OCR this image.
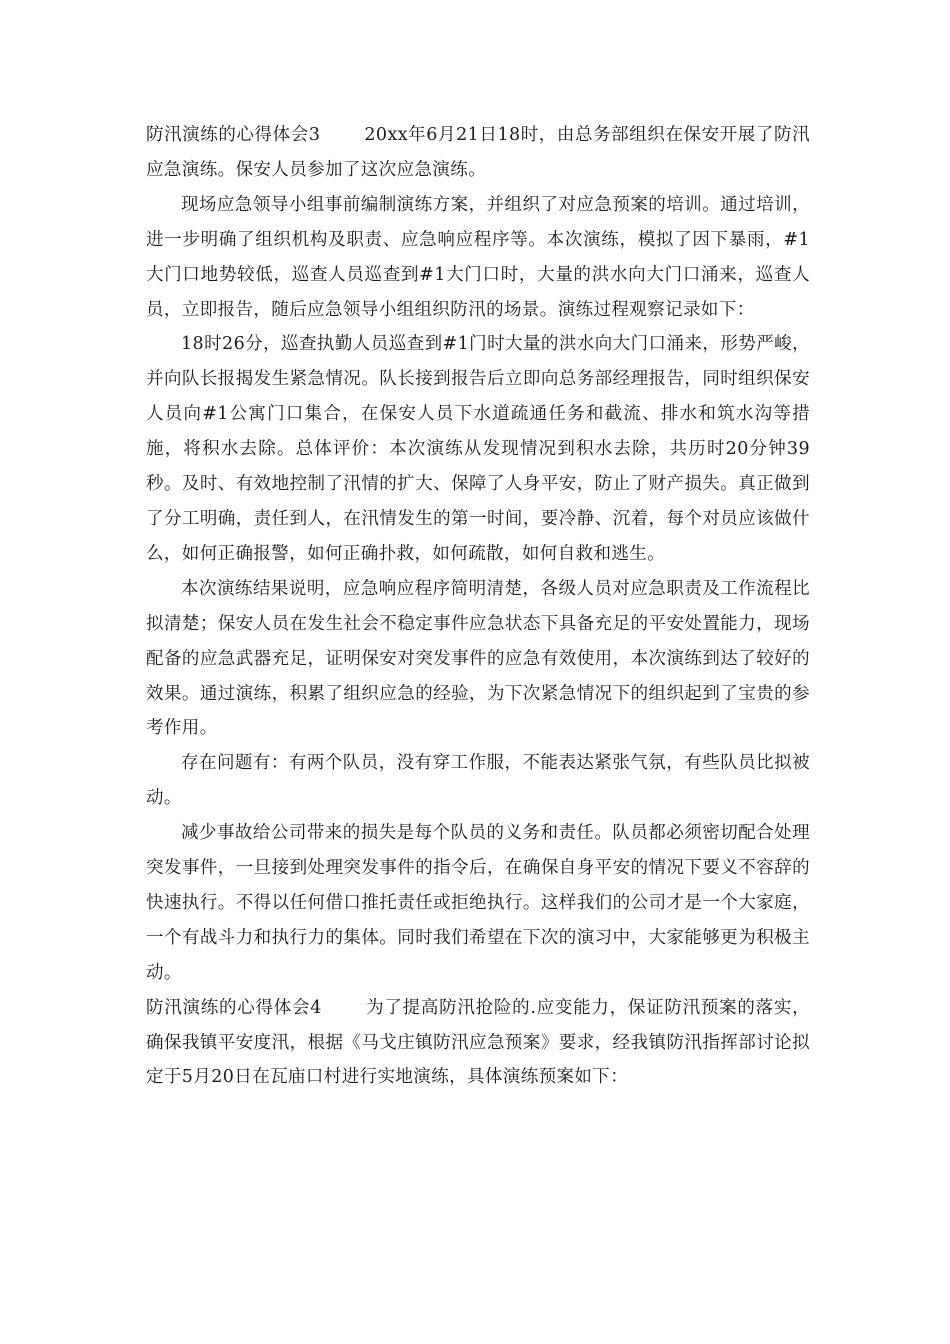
防汛演练的心得体会3	20xx年6月21日18时，由总务部组织在保安开展了防汛应急演练。保安人员参加了这次应急演练。

现场应急领导小组事前编制演练方案，并组织了对应急预案的培训。通过培训，进一步明确了组织机构及职责、应急响应程序等。本次演练，模拟了因下暴雨，#1大门口地势较低，巡查人员巡查到#1大门口时，大量的洪水向大门口涌来，巡查人员，立即报告，随后应急领导小组组织防汛的场景。演练过程观察记录如下：

18时26分，巡查执勤人员巡查到#1门时大量的洪水向大门口涌来，形势严峻，并向队长报揭发生紧急情况。队长接到报告后立即向总务部经理报告，同时组织保安人员向#1公寓门口集合，在保安人员下水道疏通任务和截流、排水和筑水沟等措施，将积水去除。总体评价：本次演练从发现情况到积水去除，共历时20分钟39秒。及时、有效地控制了汛情的扩大、保障了人身平安，防止了财产损失。真正做到了分工明确，责任到人，在汛情发生的第一时间，要冷静、沉着，每个对员应该做什么，如何正确报警，如何正确扑救，如何疏散，如何自救和逃生。

本次演练结果说明，应急响应程序简明清楚，各级人员对应急职责及工作流程比拟清楚；保安人员在发生社会不稳定事件应急状态下具备充足的平安处置能力，现场配备的应急武器充足，证明保安对突发事件的应急有效使用，本次演练到达了较好的效果。通过演练，积累了组织应急的经验，为下次紧急情况下的组织起到了宝贵的参考作用。

存在问题有：有两个队员，没有穿工作服，不能表达紧张气氛，有些队员比拟被动。

减少事故给公司带来的损失是每个队员的义务和责任。队员都必须密切配合处理突发事件，一旦接到处理突发事件的指令后，在确保自身平安的情况下要义不容辞的快速执行。不得以任何借口推托责任或拒绝执行。这样我们的公司才是一个大家庭，一个有战斗力和执行力的集体。同时我们希望在下次的演习中，大家能够更为积极主动。

防汛演练的心得体会4	为了提高防汛抢险的.应变能力，保证防汛预案的落实，确保我镇平安度汛，根据《马戈庄镇防汛应急预案》要求，经我镇防汛指挥部讨论拟定于5月20日在瓦庙口村进行实地演练，具体演练预案如下：
